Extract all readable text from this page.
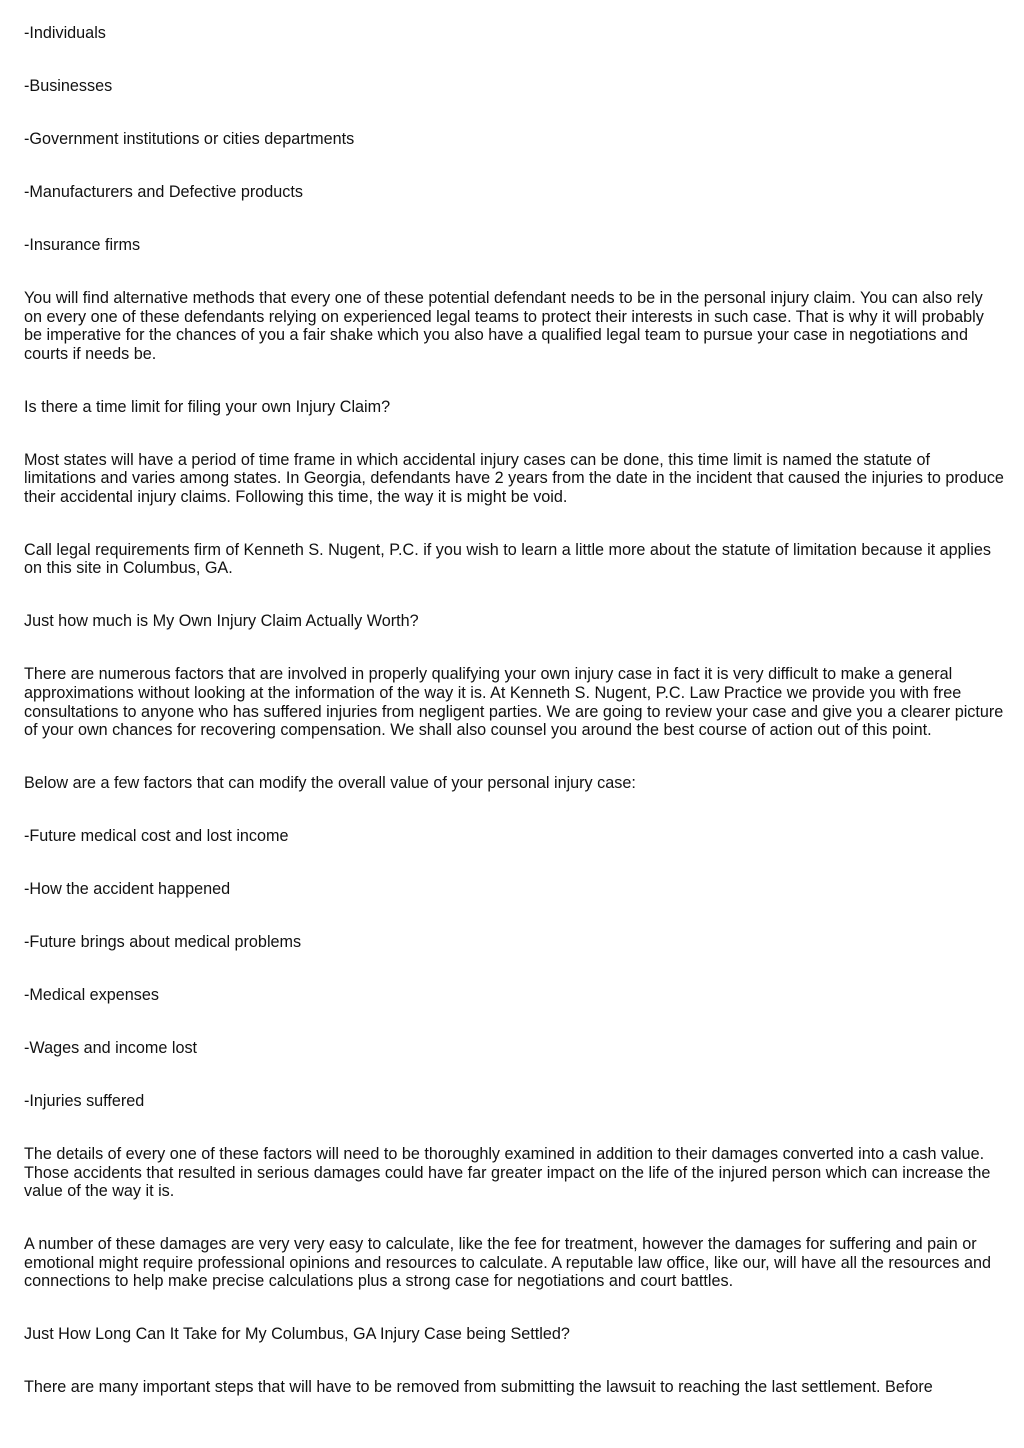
-Individuals

-Businesses

-Government institutions or cities departments

-Manufacturers and Defective products

-Insurance firms

You will find alternative methods that every one of these potential defendant needs to be in the personal injury claim. You can also rely on every one of these defendants relying on experienced legal teams to protect their interests in such case. That is why it will probably be imperative for the chances of you a fair shake which you also have a qualified legal team to pursue your case in negotiations and courts if needs be.

Is there a time limit for filing your own Injury Claim?

Most states will have a period of time frame in which accidental injury cases can be done, this time limit is named the statute of limitations and varies among states. In Georgia, defendants have 2 years from the date in the incident that caused the injuries to produce their accidental injury claims. Following this time, the way it is might be void.

Call legal requirements firm of Kenneth S. Nugent, P.C. if you wish to learn a little more about the statute of limitation because it applies on this site in Columbus, GA.

Just how much is My Own Injury Claim Actually Worth?

There are numerous factors that are involved in properly qualifying your own injury case in fact it is very difficult to make a general approximations without looking at the information of the way it is. At Kenneth S. Nugent, P.C. Law Practice we provide you with free consultations to anyone who has suffered injuries from negligent parties. We are going to review your case and give you a clearer picture of your own chances for recovering compensation. We shall also counsel you around the best course of action out of this point.

Below are a few factors that can modify the overall value of your personal injury case:

-Future medical cost and lost income

-How the accident happened

-Future brings about medical problems

-Medical expenses

-Wages and income lost

-Injuries suffered

The details of every one of these factors will need to be thoroughly examined in addition to their damages converted into a cash value. Those accidents that resulted in serious damages could have far greater impact on the life of the injured person which can increase the value of the way it is.

A number of these damages are very very easy to calculate, like the fee for treatment, however the damages for suffering and pain or emotional might require professional opinions and resources to calculate. A reputable law office, like our, will have all the resources and connections to help make precise calculations plus a strong case for negotiations and court battles.

Just How Long Can It Take for My Columbus, GA Injury Case being Settled?

There are many important steps that will have to be removed from submitting the lawsuit to reaching the last settlement. Before
